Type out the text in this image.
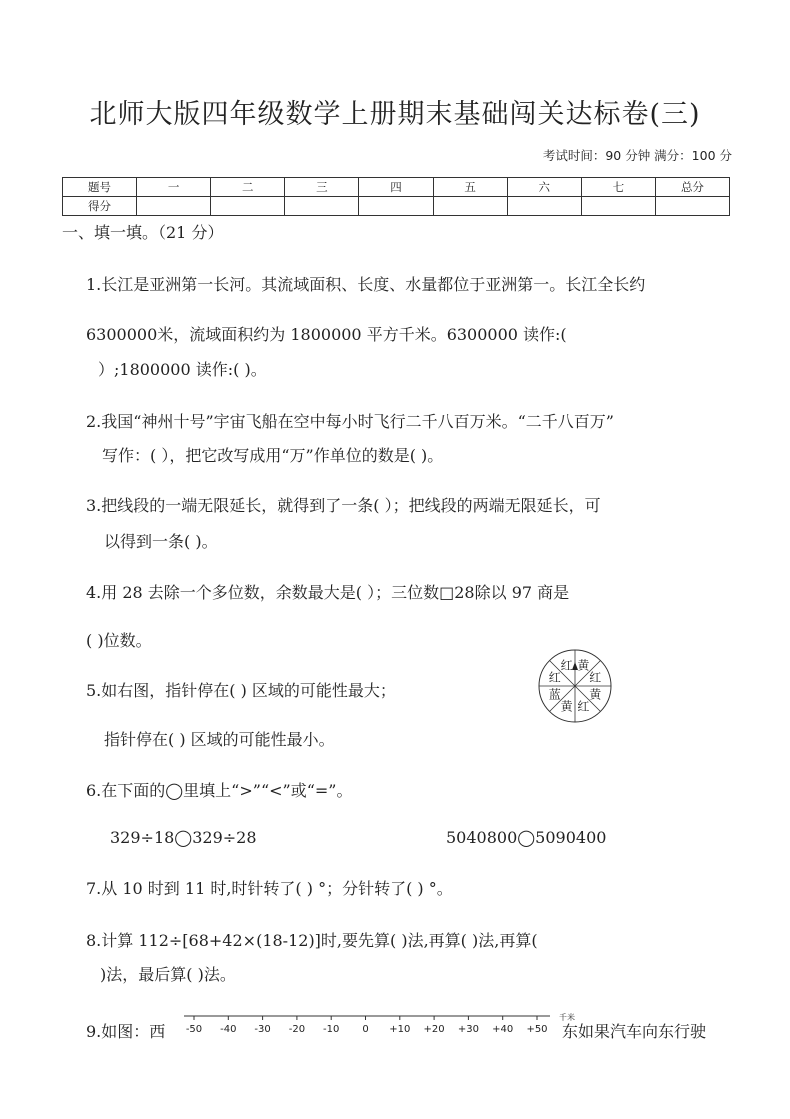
北师大版四年级数学上册期末基础闯关达标卷(三)
考试时间：90 分钟 满分：100 分
题号	一	二	三	四	五	六	七	总分
得分								
一、填一填。（21 分）
1.长江是亚洲第一长河。其流域面积、长度、水量都位于亚洲第一。长江全长约
6300000米，流域面积约为 1800000 平方千米。6300000 读作:(
）;1800000 读作:( )。
2.我国“神州十号”宇宙飞船在空中每小时飞行二千八百万米。“二千八百万”
写作：( ），把它改写成用“万”作单位的数是( )。
3.把线段的一端无限延长，就得到了一条( ）；把线段的两端无限延长，可
以得到一条( )。
4.用 28 去除一个多位数，余数最大是( ）；三位数□28除以 97 商是
( )位数。
5.如右图，指针停在( ) 区域的可能性最大；
指针停在( ) 区域的可能性最小。
红 黄
红
黄
红
黄
蓝
红
6.在下面的◯里填上“>”“<”或“=”。
329÷18◯329÷28	5040800◯5090400
7.从 10 时到 11 时,时针转了( ) °；分针转了( ) °。
8.计算 112÷[68+42×(18-12)]时,要先算( )法,再算( )法,再算(
)法，最后算( )法。
9.如图：西 -50 -40 -30 -20 -10 0 +10 +20 +30 +40 +50
千米
东如果汽车向东行驶
